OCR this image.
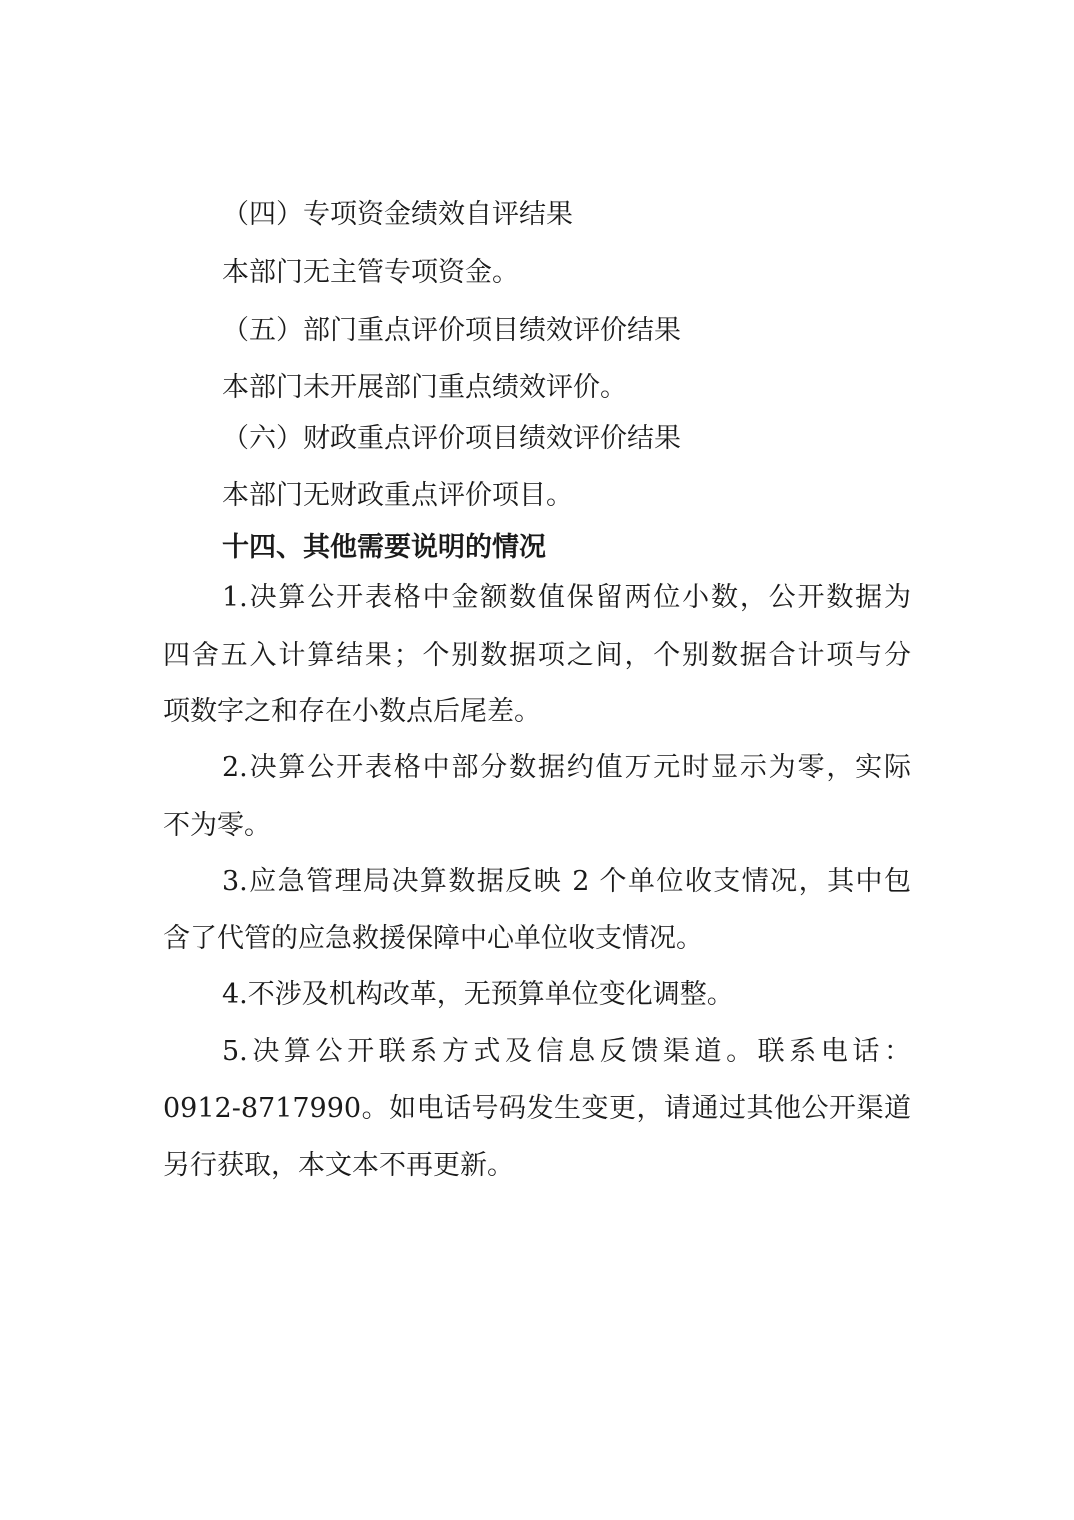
（四）专项资金绩效自评结果
本部门无主管专项资金。
（五）部门重点评价项目绩效评价结果
本部门未开展部门重点绩效评价。
（六）财政重点评价项目绩效评价结果
本部门无财政重点评价项目。
十四、其他需要说明的情况
1.决算公开表格中金额数值保留两位小数，公开数据为
四舍五入计算结果；个别数据项之间，个别数据合计项与分
项数字之和存在小数点后尾差。
2.决算公开表格中部分数据约值万元时显示为零，实际
不为零。
3.应急管理局决算数据反映 2 个单位收支情况，其中包
含了代管的应急救援保障中心单位收支情况。
4.不涉及机构改革，无预算单位变化调整。
5.决算公开联系方式及信息反馈渠道。联系电话：
0912-8717990。如电话号码发生变更，请通过其他公开渠道
另行获取，本文本不再更新。
